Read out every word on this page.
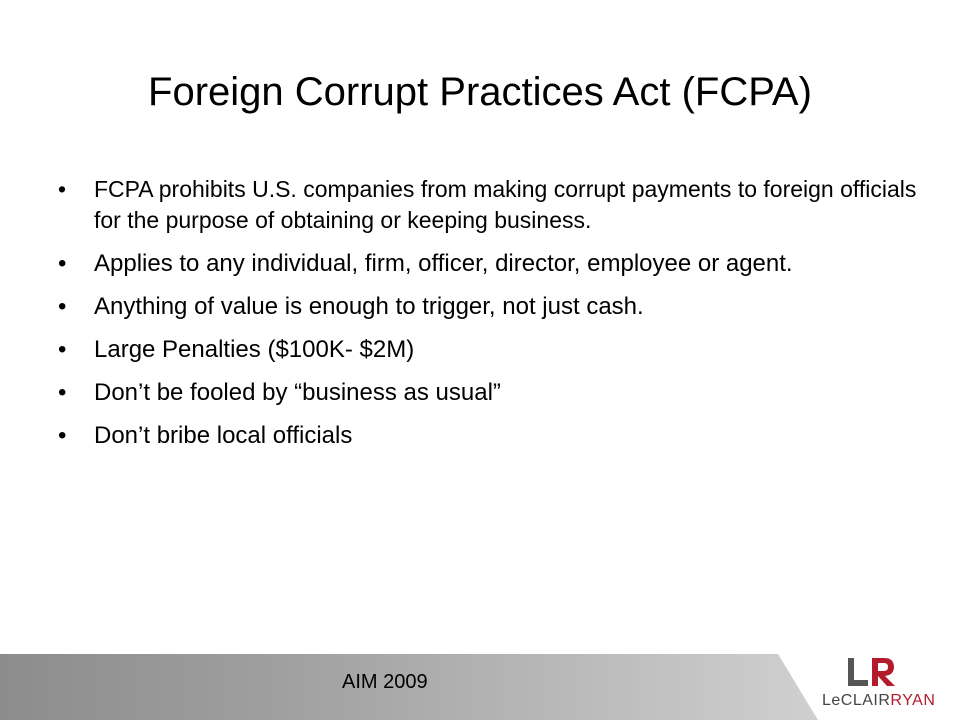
Foreign Corrupt Practices Act (FCPA)
• FCPA prohibits U.S. companies from making corrupt payments to foreign officials for the purpose of obtaining or keeping business.
• Applies to any individual, firm, officer, director, employee or agent.
• Anything of value is enough to trigger, not just cash.
• Large Penalties ($100K- $2M)
• Don’t be fooled by “business as usual”
• Don’t bribe local officials
AIM 2009
LeCLAIRRYAN
